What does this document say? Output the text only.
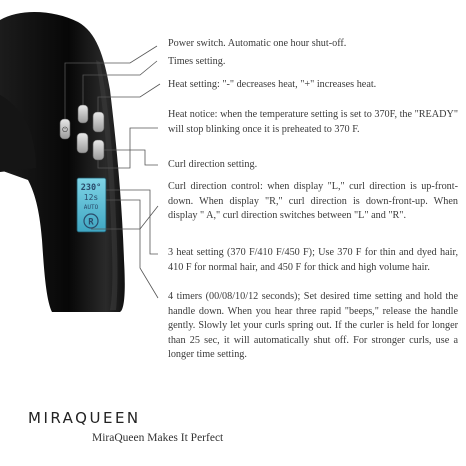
⏻
230°
12s
AUTO
R

Power switch. Automatic one hour shut-off.

Times setting.

Heat setting: "-" decreases heat, "+" increases heat.

Heat notice: when the temperature setting is set to 370F, the "READY" will stop blinking once it is preheated to 370 F.

Curl direction setting.

Curl direction control: when display "L," curl direction is up-front-down. When display "R," curl direction is down-front-up. When display " A," curl direction switches between "L" and "R".

3 heat setting (370 F/410 F/450 F); Use 370 F for thin and dyed hair, 410 F for normal hair, and 450 F for thick and high volume hair.

4 timers (00/08/10/12 seconds); Set desired time setting and hold the handle down. When you hear three rapid "beeps," release the handle gently. Slowly let your curls spring out. If the curler is held for longer than 25 sec, it will automatically shut off. For stronger curls, use a longer time setting.

MIRAQUEEN
MiraQueen Makes It Perfect
